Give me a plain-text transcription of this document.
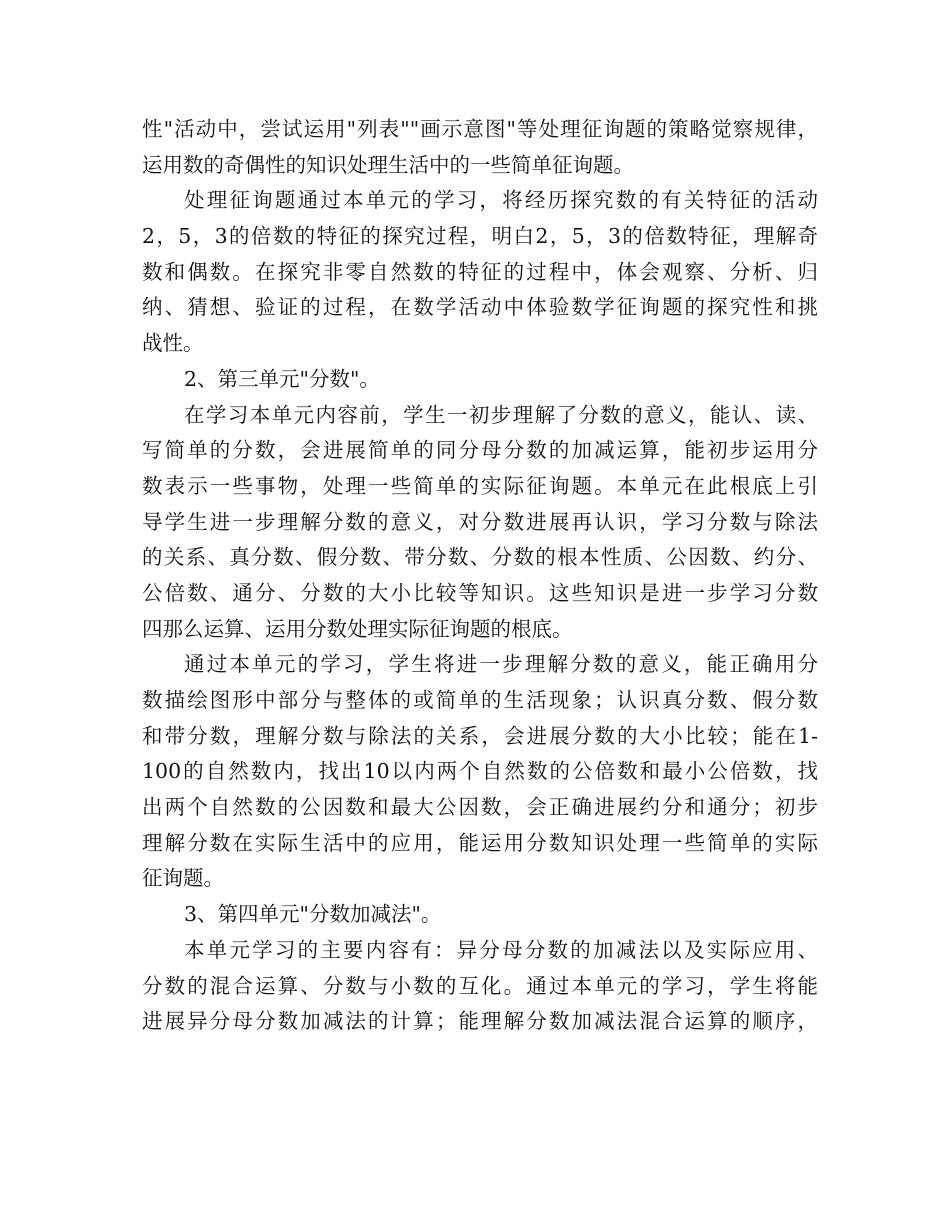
性"活动中，尝试运用"列表""画示意图"等处理征询题的策略觉察规律，

运用数的奇偶性的知识处理生活中的一些简单征询题。

处理征询题通过本单元的学习，将经历探究数的有关特征的活动

2，5，3的倍数的特征的探究过程，明白2，5，3的倍数特征，理解奇

数和偶数。在探究非零自然数的特征的过程中，体会观察、分析、归

纳、猜想、验证的过程，在数学活动中体验数学征询题的探究性和挑

战性。

2、第三单元"分数"。

在学习本单元内容前，学生一初步理解了分数的意义，能认、读、

写简单的分数，会进展简单的同分母分数的加减运算，能初步运用分

数表示一些事物，处理一些简单的实际征询题。本单元在此根底上引

导学生进一步理解分数的意义，对分数进展再认识，学习分数与除法

的关系、真分数、假分数、带分数、分数的根本性质、公因数、约分、

公倍数、通分、分数的大小比较等知识。这些知识是进一步学习分数

四那么运算、运用分数处理实际征询题的根底。

通过本单元的学习，学生将进一步理解分数的意义，能正确用分

数描绘图形中部分与整体的或简单的生活现象；认识真分数、假分数

和带分数，理解分数与除法的关系，会进展分数的大小比较；能在1-

100的自然数内，找出10以内两个自然数的公倍数和最小公倍数，找

出两个自然数的公因数和最大公因数，会正确进展约分和通分；初步

理解分数在实际生活中的应用，能运用分数知识处理一些简单的实际

征询题。

3、第四单元"分数加减法"。

本单元学习的主要内容有：异分母分数的加减法以及实际应用、

分数的混合运算、分数与小数的互化。通过本单元的学习，学生将能

进展异分母分数加减法的计算；能理解分数加减法混合运算的顺序，
